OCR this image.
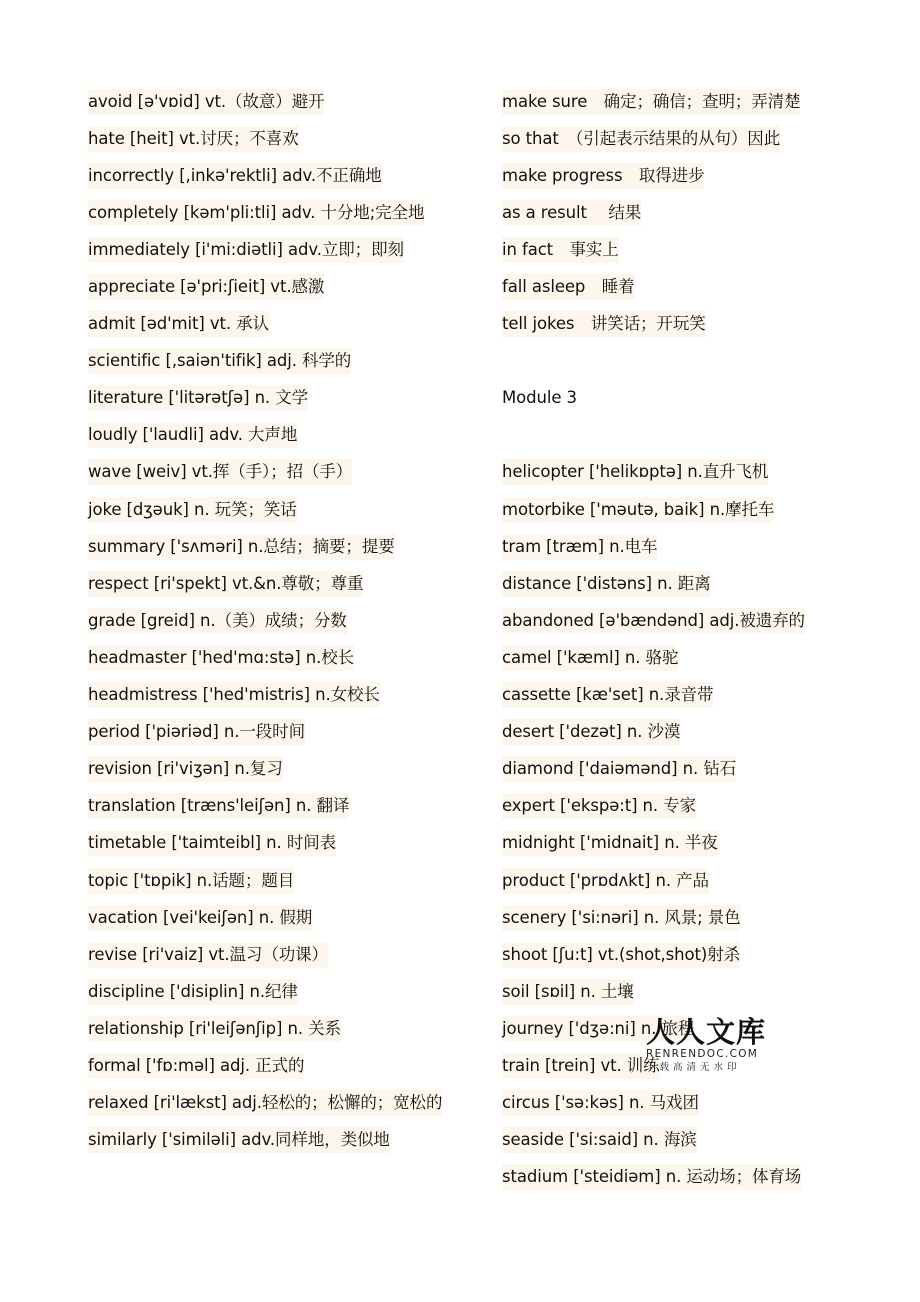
avoid [ə'vɒid] vt.（故意）避开
hate [heit] vt.讨厌；不喜欢
incorrectly [,inkə'rektli] adv.不正确地
completely [kəm'pli:tli] adv. 十分地;完全地
immediately [i'mi:diətli] adv.立即；即刻
appreciate [ə'pri:ʃieit] vt.感激
admit [əd'mit] vt. 承认
scientific [,saiən'tifik] adj. 科学的
literature ['litərətʃə] n. 文学
loudly ['laudli] adv. 大声地
wave [weiv] vt.挥（手）；招（手）
joke [dʒəuk] n. 玩笑；笑话
summary ['sʌməri] n.总结；摘要；提要
respect [ri'spekt] vt.&n.尊敬；尊重
grade [greid] n.（美）成绩；分数
headmaster ['hed'mɑ:stə] n.校长
headmistress ['hed'mistris] n.女校长
period ['piəriəd] n.一段时间
revision [ri'viʒən] n.复习
translation [træns'leiʃən] n. 翻译
timetable ['taimteibl] n. 时间表
topic ['tɒpik] n.话题；题目
vacation [vei'keiʃən] n. 假期
revise [ri'vaiz] vt.温习（功课）
discipline ['disiplin] n.纪律
relationship [ri'leiʃənʃip] n. 关系
formal ['fɒ:məl] adj. 正式的
relaxed [ri'lækst] adj.轻松的；松懈的；宽松的
similarly ['similəli] adv.同样地，类似地
make sure　确定；确信；查明；弄清楚
so that　（引起表示结果的从句）因此
make progress　取得进步
as a result　 结果
in fact　事实上
fall asleep　睡着
tell jokes　讲笑话；开玩笑
Module 3
helicopter ['helikɒptə] n.直升飞机
motorbike ['məutə, baik] n.摩托车
tram [træm] n.电车
distance ['distəns] n. 距离
abandoned [ə'bændənd] adj.被遗弃的
camel ['kæml] n. 骆驼
cassette [kæ'set] n.录音带
desert ['dezət] n. 沙漠
diamond ['daiəmənd] n. 钻石
expert ['ekspə:t] n. 专家
midnight ['midnait] n. 半夜
product ['prɒdʌkt] n. 产品
scenery ['si:nəri] n. 风景; 景色
shoot [ʃu:t] vt.(shot,shot)射杀
soil [sɒil] n. 土壤
journey ['dʒə:ni] n. 旅程
train [trein] vt. 训练
circus ['sə:kəs] n. 马戏团
seaside ['si:said] n. 海滨
stadium ['steidiəm] n. 运动场；体育场
人人文库
RENRENDOC.COM
下载高清无水印
